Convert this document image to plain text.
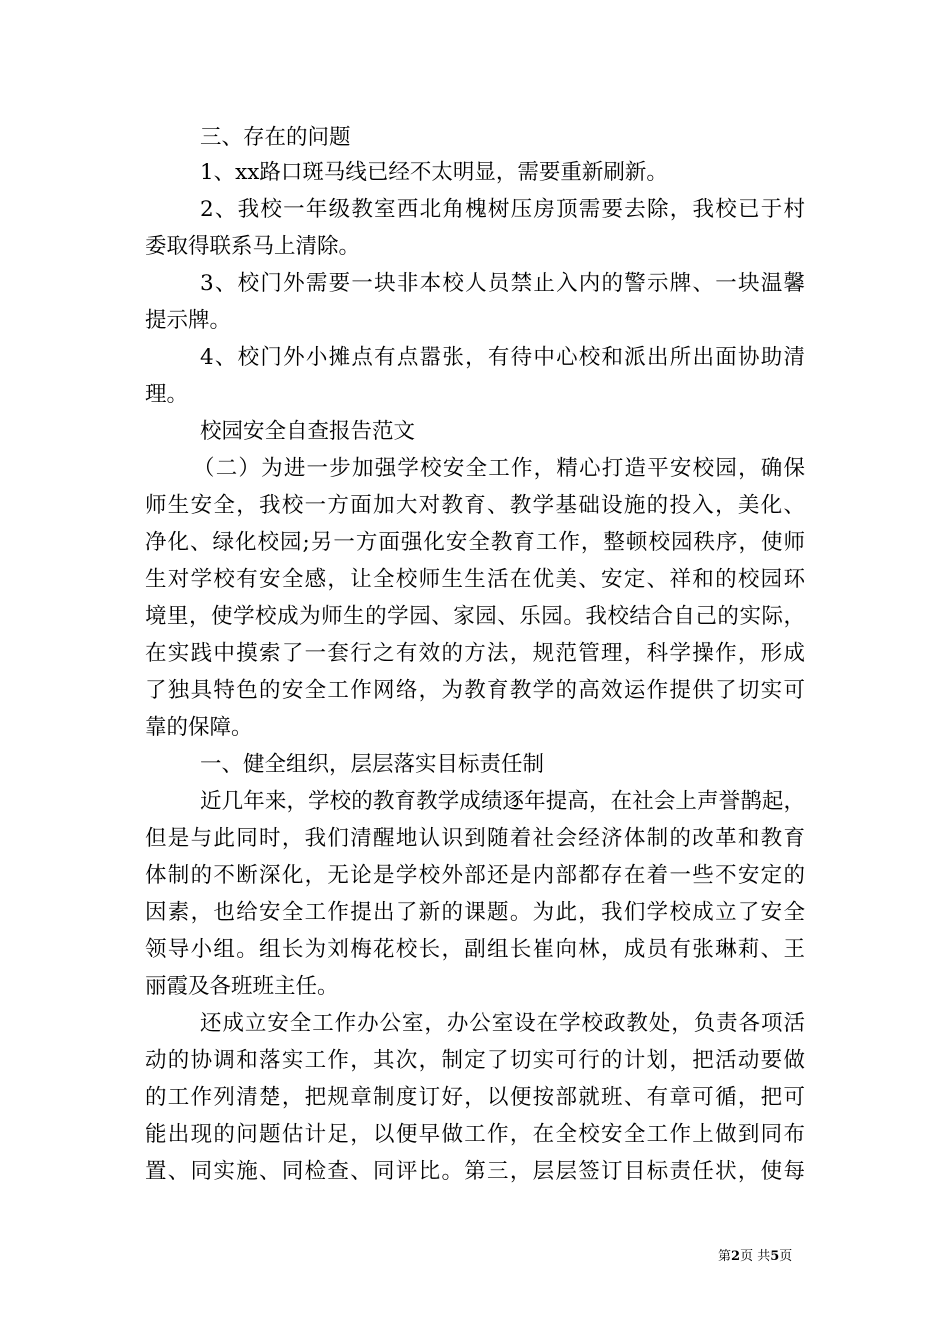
三、存在的问题
1、xx路口斑马线已经不太明显，需要重新刷新。
2、我校一年级教室西北角槐树压房顶需要去除，我校已于村
委取得联系马上清除。
3、校门外需要一块非本校人员禁止入内的警示牌、一块温馨
提示牌。
4、校门外小摊点有点嚣张，有待中心校和派出所出面协助清
理。
校园安全自查报告范文
（二）为进一步加强学校安全工作，精心打造平安校园，确保
师生安全，我校一方面加大对教育、教学基础设施的投入，美化、
净化、绿化校园;另一方面强化安全教育工作，整顿校园秩序，使师
生对学校有安全感，让全校师生生活在优美、安定、祥和的校园环
境里，使学校成为师生的学园、家园、乐园。我校结合自己的实际，
在实践中摸索了一套行之有效的方法，规范管理，科学操作，形成
了独具特色的安全工作网络，为教育教学的高效运作提供了切实可
靠的保障。
一、健全组织，层层落实目标责任制
近几年来，学校的教育教学成绩逐年提高，在社会上声誉鹊起，
但是与此同时，我们清醒地认识到随着社会经济体制的改革和教育
体制的不断深化，无论是学校外部还是内部都存在着一些不安定的
因素，也给安全工作提出了新的课题。为此，我们学校成立了安全
领导小组。组长为刘梅花校长，副组长崔向林，成员有张琳莉、王
丽霞及各班班主任。
还成立安全工作办公室，办公室设在学校政教处，负责各项活
动的协调和落实工作，其次，制定了切实可行的计划，把活动要做
的工作列清楚，把规章制度订好，以便按部就班、有章可循，把可
能出现的问题估计足，以便早做工作，在全校安全工作上做到同布
置、同实施、同检查、同评比。第三，层层签订目标责任状，使每
第2页 共5页
